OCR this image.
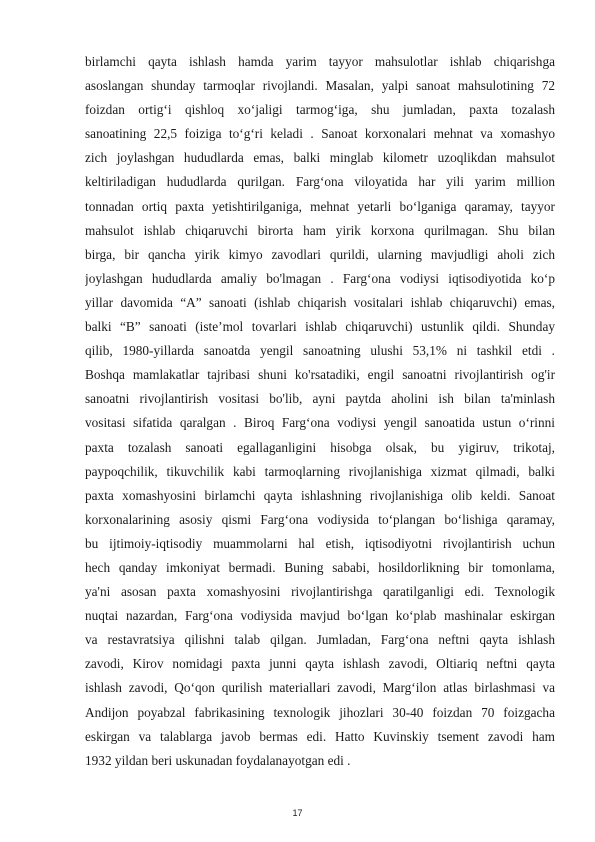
birlamchi qayta ishlash hamda yarim tayyor mahsulotlar ishlab chiqarishga
asoslangan shunday tarmoqlar rivojlandi. Masalan, yalpi sanoat mahsulotining 72
foizdan ortig‘i qishloq xo‘jaligi tarmog‘iga, shu jumladan, paxta tozalash
sanoatining 22,5 foiziga to‘g‘ri keladi . Sanoat korxonalari mehnat va xomashyo
zich joylashgan hududlarda emas, balki minglab kilometr uzoqlikdan mahsulot
keltiriladigan hududlarda qurilgan. Farg‘ona viloyatida har yili yarim million
tonnadan ortiq paxta yetishtirilganiga, mehnat yetarli bo‘lganiga qaramay, tayyor
mahsulot ishlab chiqaruvchi birorta ham yirik korxona qurilmagan. Shu bilan
birga, bir qancha yirik kimyo zavodlari qurildi, ularning mavjudligi aholi zich
joylashgan hududlarda amaliy bo'lmagan . Farg‘ona vodiysi iqtisodiyotida ko‘p
yillar davomida “A” sanoati (ishlab chiqarish vositalari ishlab chiqaruvchi) emas,
balki “B” sanoati (iste’mol tovarlari ishlab chiqaruvchi) ustunlik qildi. Shunday
qilib, 1980-yillarda sanoatda yengil sanoatning ulushi 53,1% ni tashkil etdi .
Boshqa mamlakatlar tajribasi shuni ko'rsatadiki, engil sanoatni rivojlantirish og'ir
sanoatni rivojlantirish vositasi bo'lib, ayni paytda aholini ish bilan ta'minlash
vositasi sifatida qaralgan . Biroq Farg‘ona vodiysi yengil sanoatida ustun o‘rinni
paxta tozalash sanoati egallaganligini hisobga olsak, bu yigiruv, trikotaj,
paypoqchilik, tikuvchilik kabi tarmoqlarning rivojlanishiga xizmat qilmadi, balki
paxta xomashyosini birlamchi qayta ishlashning rivojlanishiga olib keldi. Sanoat
korxonalarining asosiy qismi Farg‘ona vodiysida to‘plangan bo‘lishiga qaramay,
bu ijtimoiy-iqtisodiy muammolarni hal etish, iqtisodiyotni rivojlantirish uchun
hech qanday imkoniyat bermadi. Buning sababi, hosildorlikning bir tomonlama,
ya'ni asosan paxta xomashyosini rivojlantirishga qaratilganligi edi. Texnologik
nuqtai nazardan, Farg‘ona vodiysida mavjud bo‘lgan ko‘plab mashinalar eskirgan
va restavratsiya qilishni talab qilgan. Jumladan, Farg‘ona neftni qayta ishlash
zavodi, Kirov nomidagi paxta junni qayta ishlash zavodi, Oltiariq neftni qayta
ishlash zavodi, Qo‘qon qurilish materiallari zavodi, Marg‘ilon atlas birlashmasi va
Andijon poyabzal fabrikasining texnologik jihozlari 30-40 foizdan 70 foizgacha
eskirgan va talablarga javob bermas edi. Hatto Kuvinskiy tsement zavodi ham
1932 yildan beri uskunadan foydalanayotgan edi .
17
